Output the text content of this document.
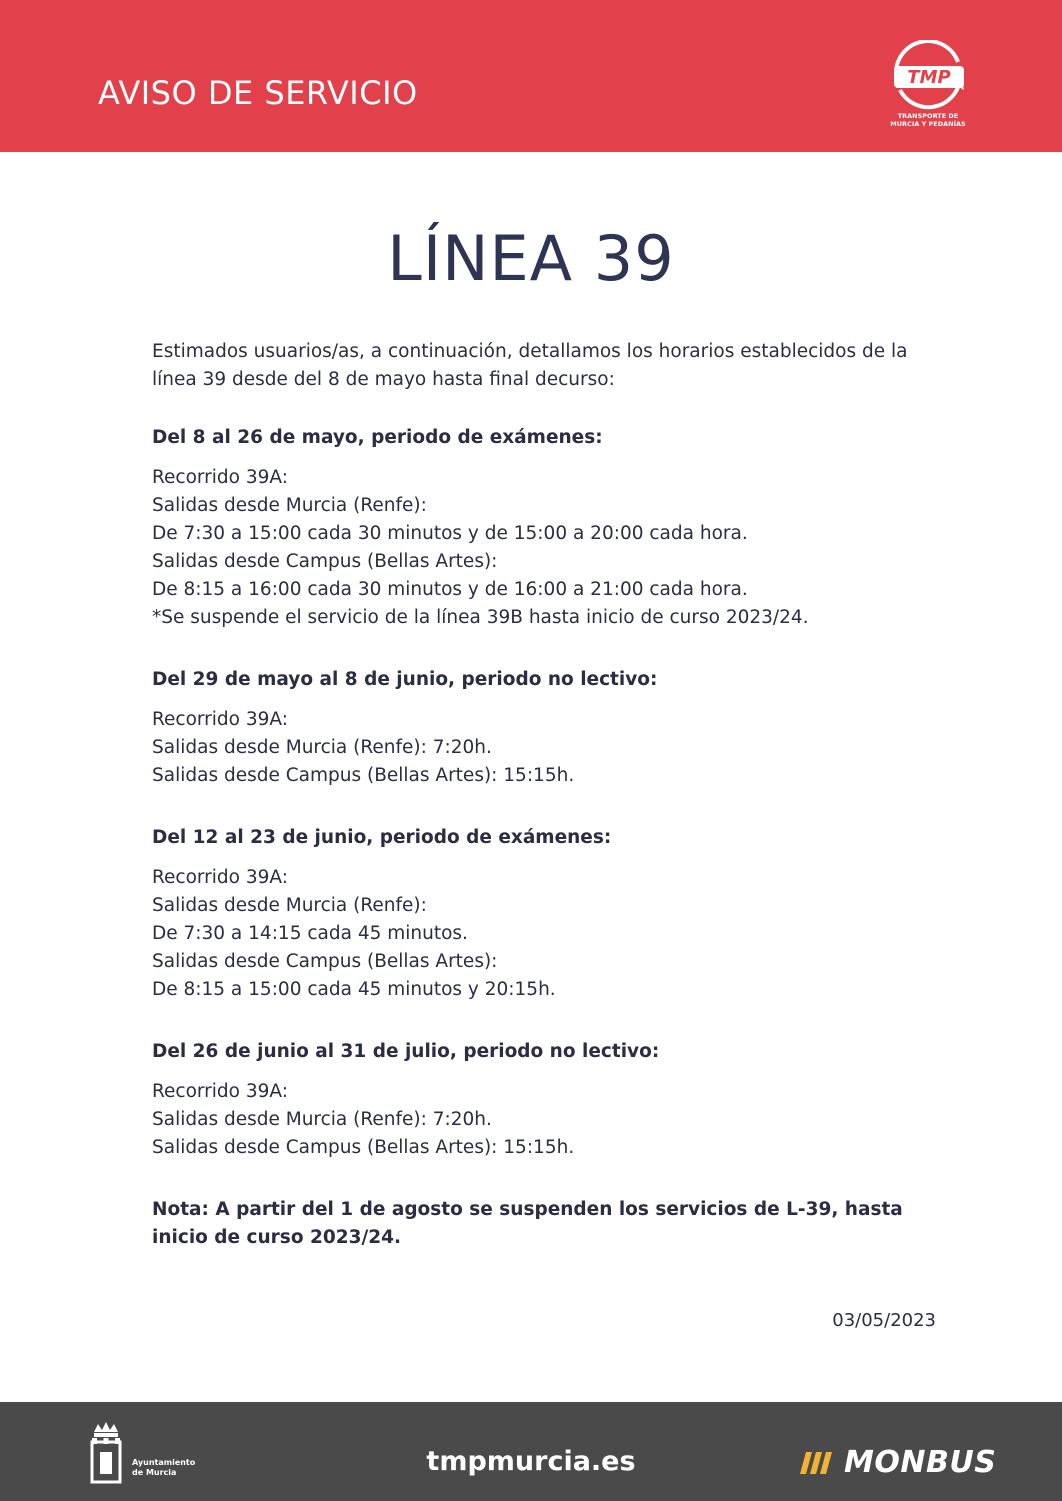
AVISO DE SERVICIO	TMP
TRANSPORTE DE
MURCIA Y PEDANÍAS
LÍNEA 39

Estimados usuarios/as, a continuación, detallamos los horarios establecidos de la línea 39 desde del 8 de mayo hasta final decurso:

Del 8 al 26 de mayo, periodo de exámenes:

Recorrido 39A:
Salidas desde Murcia (Renfe):
De 7:30 a 15:00 cada 30 minutos y de 15:00 a 20:00 cada hora.
Salidas desde Campus (Bellas Artes):
De 8:15 a 16:00 cada 30 minutos y de 16:00 a 21:00 cada hora.
*Se suspende el servicio de la línea 39B hasta inicio de curso 2023/24.

Del 29 de mayo al 8 de junio, periodo no lectivo:

Recorrido 39A:
Salidas desde Murcia (Renfe): 7:20h.
Salidas desde Campus (Bellas Artes): 15:15h.

Del 12 al 23 de junio, periodo de exámenes:

Recorrido 39A:
Salidas desde Murcia (Renfe):
De 7:30 a 14:15 cada 45 minutos.
Salidas desde Campus (Bellas Artes):
De 8:15 a 15:00 cada 45 minutos y 20:15h.

Del 26 de junio al 31 de julio, periodo no lectivo:

Recorrido 39A:
Salidas desde Murcia (Renfe): 7:20h.
Salidas desde Campus (Bellas Artes): 15:15h.

Nota: A partir del 1 de agosto se suspenden los servicios de L-39, hasta inicio de curso 2023/24.

03/05/2023
Ayuntamiento
de Murcia	tmpmurcia.es	MONBUS
